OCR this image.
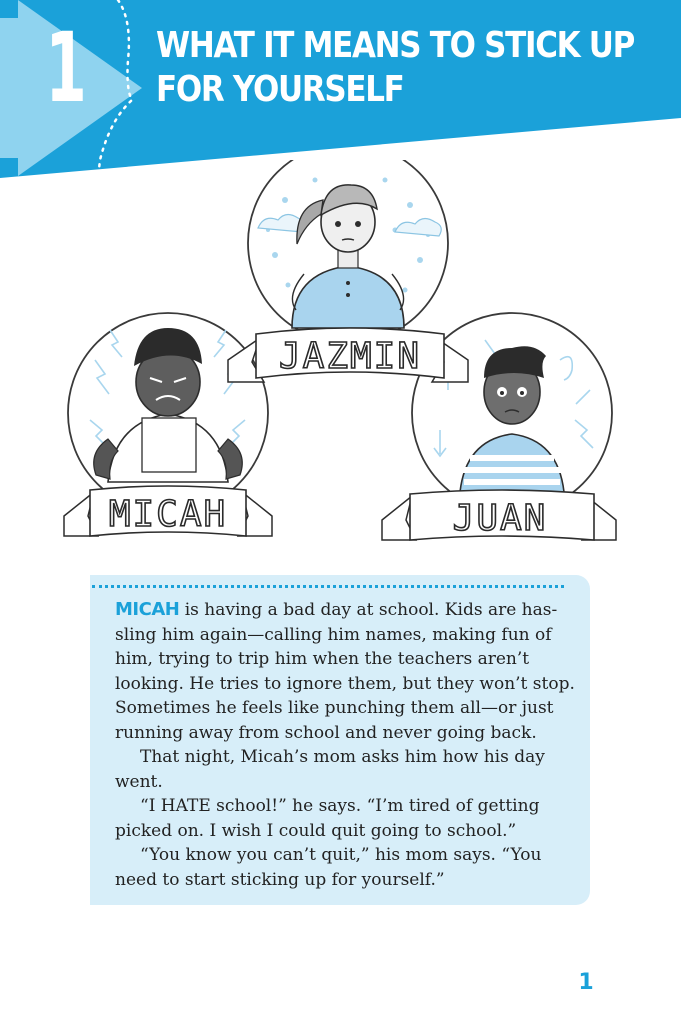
1 WHAT IT MEANS TO STICK UP
FOR YOURSELF
JAZMIN
MICAH	JUAN

MICAH is having a bad day at school. Kids are hassling him again—calling him names, making fun of him, trying to trip him when the teachers aren’t looking. He tries to ignore them, but they won’t stop. Sometimes he feels like punching them all—or just running away from school and never going back.

That night, Micah’s mom asks him how his day went.

“I HATE school!” he says. “I’m tired of getting picked on. I wish I could quit going to school.”

“You know you can’t quit,” his mom says. “You need to start sticking up for yourself.”

1
